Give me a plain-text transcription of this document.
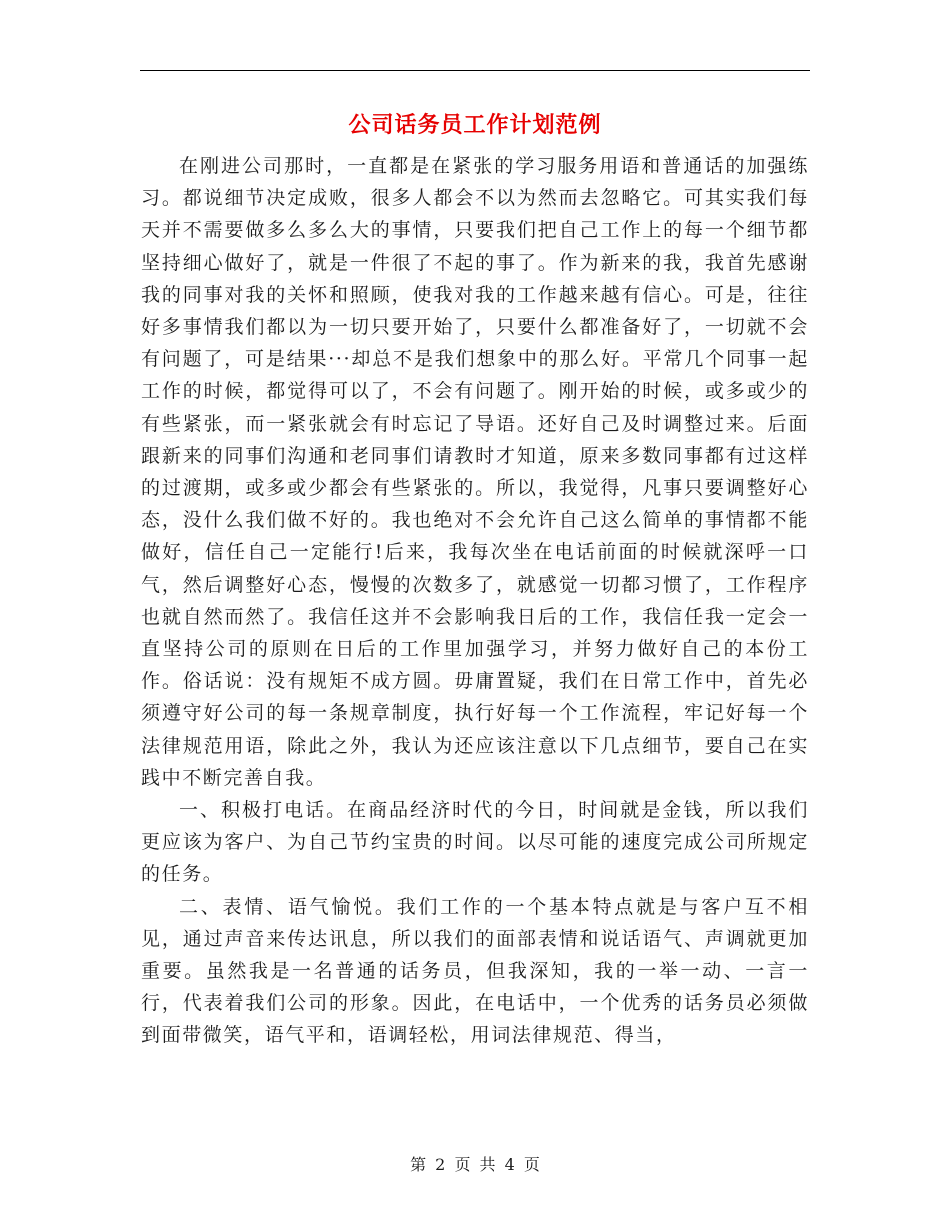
公司话务员工作计划范例

在刚进公司那时，一直都是在紧张的学习服务用语和普通话的加强练习。都说细节决定成败，很多人都会不以为然而去忽略它。可其实我们每天并不需要做多么多么大的事情，只要我们把自己工作上的每一个细节都坚持细心做好了，就是一件很了不起的事了。作为新来的我，我首先感谢我的同事对我的关怀和照顾，使我对我的工作越来越有信心。可是，往往好多事情我们都以为一切只要开始了，只要什么都准备好了，一切就不会有问题了，可是结果···却总不是我们想象中的那么好。平常几个同事一起工作的时候，都觉得可以了，不会有问题了。刚开始的时候，或多或少的有些紧张，而一紧张就会有时忘记了导语。还好自己及时调整过来。后面跟新来的同事们沟通和老同事们请教时才知道，原来多数同事都有过这样的过渡期，或多或少都会有些紧张的。所以，我觉得，凡事只要调整好心态，没什么我们做不好的。我也绝对不会允许自己这么简单的事情都不能做好，信任自己一定能行!后来，我每次坐在电话前面的时候就深呼一口气，然后调整好心态，慢慢的次数多了，就感觉一切都习惯了，工作程序也就自然而然了。我信任这并不会影响我日后的工作，我信任我一定会一直坚持公司的原则在日后的工作里加强学习，并努力做好自己的本份工作。俗话说：没有规矩不成方圆。毋庸置疑，我们在日常工作中，首先必须遵守好公司的每一条规章制度，执行好每一个工作流程，牢记好每一个法律规范用语，除此之外，我认为还应该注意以下几点细节，要自己在实践中不断完善自我。

一、积极打电话。在商品经济时代的今日，时间就是金钱，所以我们更应该为客户、为自己节约宝贵的时间。以尽可能的速度完成公司所规定的任务。

二、表情、语气愉悦。我们工作的一个基本特点就是与客户互不相见，通过声音来传达讯息，所以我们的面部表情和说话语气、声调就更加重要。虽然我是一名普通的话务员，但我深知，我的一举一动、一言一行，代表着我们公司的形象。因此，在电话中，一个优秀的话务员必须做到面带微笑，语气平和，语调轻松，用词法律规范、得当，

第 2 页 共 4 页
